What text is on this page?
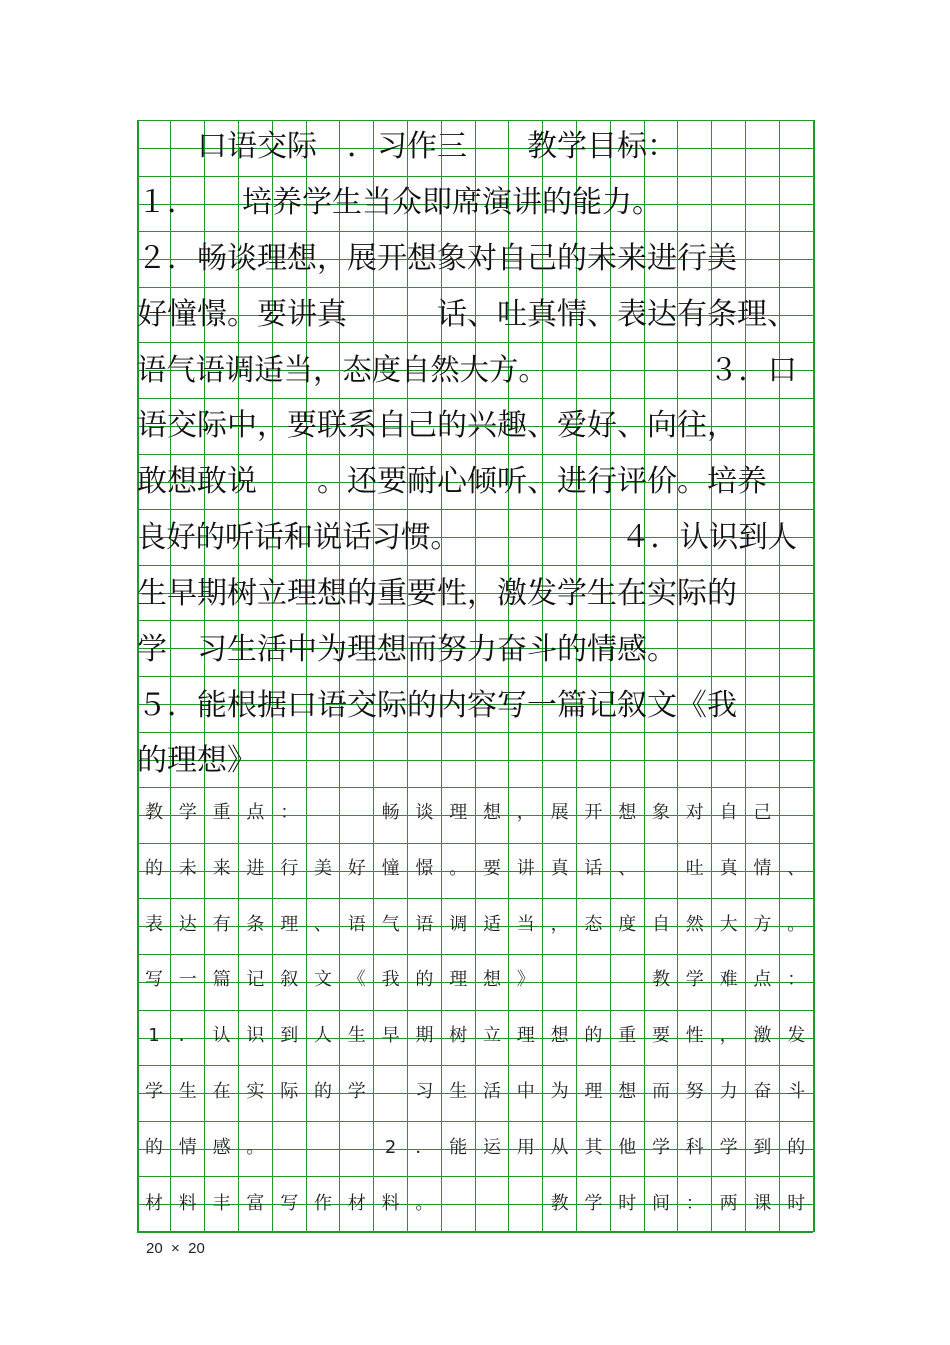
　　口语交际　．习作三　　教学目标：
１．　　培养学生当众即席演讲的能力。
２．畅谈理想，展开想象对自己的未来进行美
好憧憬。要讲真　　　话、吐真情、表达有条理、
语气语调适当，态度自然大方。　　　　　　３．口
语交际中，要联系自己的兴趣、爱好、向往，
敢想敢说　　。还要耐心倾听、进行评价。培养
良好的听话和说话习惯。　　　　　　４．认识到人
生早期树立理想的重要性，激发学生在实际的
学　习生活中为理想而努力奋斗的情感。
５．能根据口语交际的内容写一篇记叙文《我
的理想》
教 学 重 点 ：	畅 谈 理 想 ， 展 开 想 象 对 自 己
的 未 来 进 行 美 好 憧 憬 。 要 讲 真 话 、	吐 真 情 、
表 达 有 条 理 、 语 气 语 调 适 当 ， 态 度 自 然 大 方 。
写 一 篇 记 叙 文 《 我 的 理 想 》	教 学 难 点 ：
1	． 认 识 到 人 生 早 期 树 立 理 想 的 重 要 性 ， 激 发
学 生 在 实 际 的 学	习 生 活 中 为 理 想 而 努 力 奋 斗
的 情 感 。	2	． 能 运 用 从 其 他 学 科 学 到 的
材 料 丰 富 写 作 材 料 。	教 学 时 间 ： 两 课 时
20  ×  20
